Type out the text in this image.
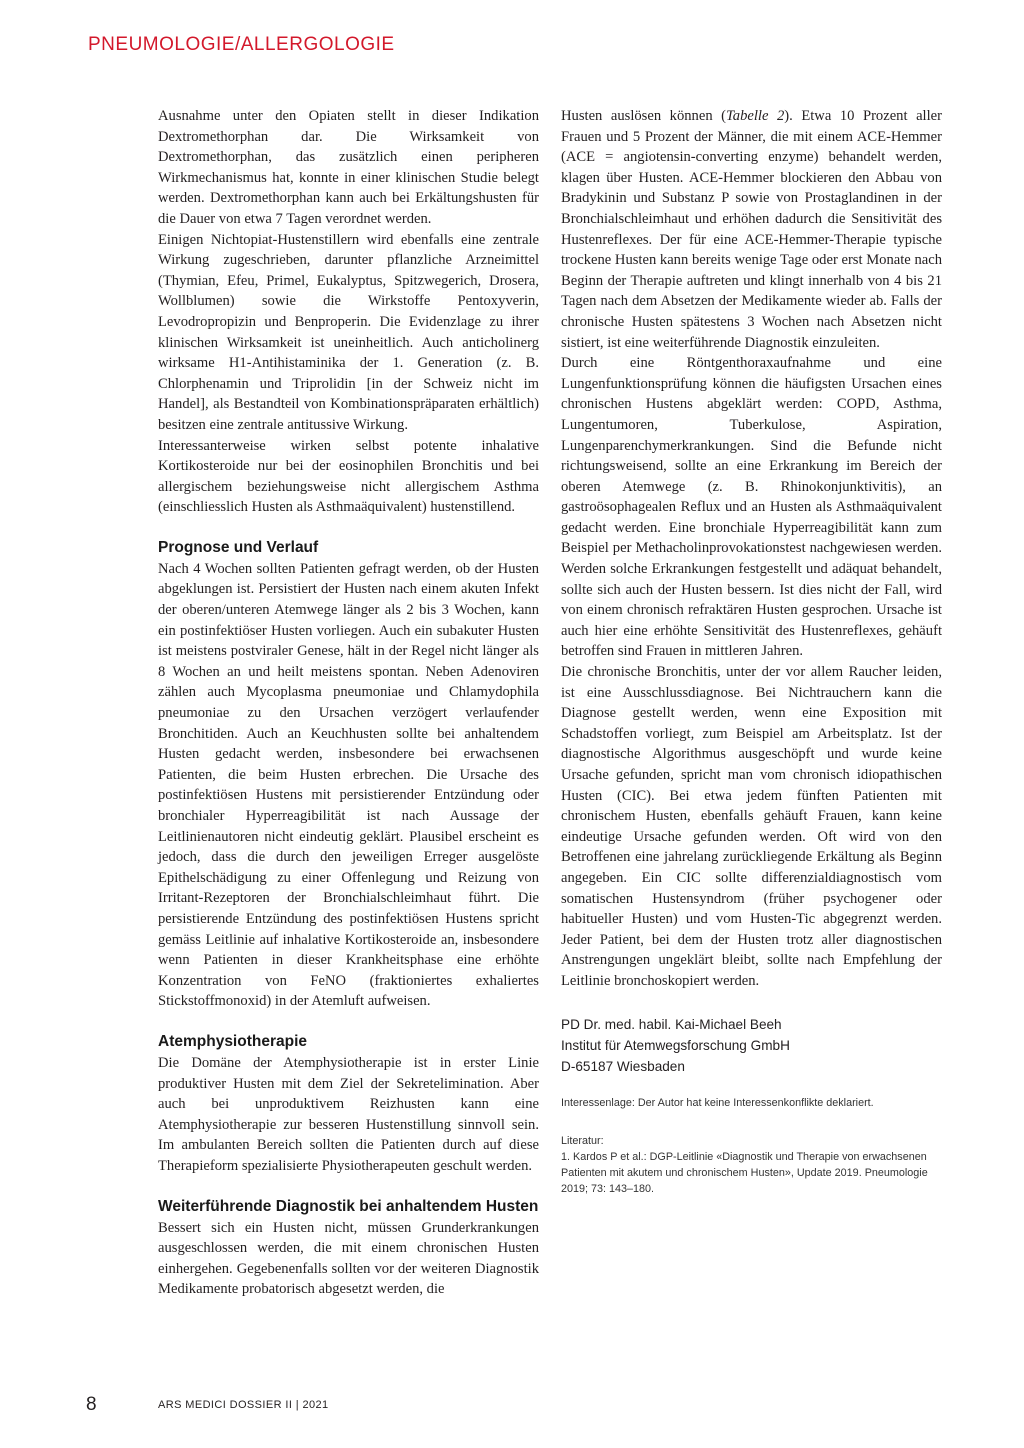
PNEUMOLOGIE/ALLERGOLOGIE

Ausnahme unter den Opiaten stellt in dieser Indikation Dextromethorphan dar. Die Wirksamkeit von Dextromethorphan, das zusätzlich einen peripheren Wirkmechanismus hat, konnte in einer klinischen Studie belegt werden. Dextromethorphan kann auch bei Erkältungshusten für die Dauer von etwa 7 Tagen verordnet werden.

Einigen Nichtopiat-Hustenstillern wird ebenfalls eine zentrale Wirkung zugeschrieben, darunter pflanzliche Arzneimittel (Thymian, Efeu, Primel, Eukalyptus, Spitzwegerich, Drosera, Wollblumen) sowie die Wirkstoffe Pentoxyverin, Levodropropizin und Benproperin. Die Evidenzlage zu ihrer klinischen Wirksamkeit ist uneinheitlich. Auch anticholinerg wirksame H1-Antihistaminika der 1. Generation (z. B. Chlorphenamin und Triprolidin [in der Schweiz nicht im Handel], als Bestandteil von Kombinationspräparaten erhältlich) besitzen eine zentrale antitussive Wirkung.

Interessanterweise wirken selbst potente inhalative Kortikosteroide nur bei der eosinophilen Bronchitis und bei allergischem beziehungsweise nicht allergischem Asthma (einschliesslich Husten als Asthmaäquivalent) hustenstillend.

Prognose und Verlauf

Nach 4 Wochen sollten Patienten gefragt werden, ob der Husten abgeklungen ist. Persistiert der Husten nach einem akuten Infekt der oberen/unteren Atemwege länger als 2 bis 3 Wochen, kann ein postinfektiöser Husten vorliegen. Auch ein subakuter Husten ist meistens postviraler Genese, hält in der Regel nicht länger als 8 Wochen an und heilt meistens spontan. Neben Adenoviren zählen auch Mycoplasma pneumoniae und Chlamydophila pneumoniae zu den Ursachen verzögert verlaufender Bronchitiden. Auch an Keuchhusten sollte bei anhaltendem Husten gedacht werden, insbesondere bei erwachsenen Patienten, die beim Husten erbrechen. Die Ursache des postinfektiösen Hustens mit persistierender Entzündung oder bronchialer Hyperreagibilität ist nach Aussage der Leitlinienautoren nicht eindeutig geklärt. Plausibel erscheint es jedoch, dass die durch den jeweiligen Erreger ausgelöste Epithelschädigung zu einer Offenlegung und Reizung von Irritant-Rezeptoren der Bronchialschleimhaut führt. Die persistierende Entzündung des postinfektiösen Hustens spricht gemäss Leitlinie auf inhalative Kortikosteroide an, insbesondere wenn Patienten in dieser Krankheitsphase eine erhöhte Konzentration von FeNO (fraktioniertes exhaliertes Stickstoffmonoxid) in der Atemluft aufweisen.

Atemphysiotherapie

Die Domäne der Atemphysiotherapie ist in erster Linie produktiver Husten mit dem Ziel der Sekretelimination. Aber auch bei unproduktivem Reizhusten kann eine Atemphysiotherapie zur besseren Hustenstillung sinnvoll sein. Im ambulanten Bereich sollten die Patienten durch auf diese Therapieform spezialisierte Physiotherapeuten geschult werden.

Weiterführende Diagnostik bei anhaltendem Husten

Bessert sich ein Husten nicht, müssen Grunderkrankungen ausgeschlossen werden, die mit einem chronischen Husten einhergehen. Gegebenenfalls sollten vor der weiteren Diagnostik Medikamente probatorisch abgesetzt werden, die

Husten auslösen können (Tabelle 2). Etwa 10 Prozent aller Frauen und 5 Prozent der Männer, die mit einem ACE-Hemmer (ACE = angiotensin-converting enzyme) behandelt werden, klagen über Husten. ACE-Hemmer blockieren den Abbau von Bradykinin und Substanz P sowie von Prostaglandinen in der Bronchialschleimhaut und erhöhen dadurch die Sensitivität des Hustenreflexes. Der für eine ACE-Hemmer-Therapie typische trockene Husten kann bereits wenige Tage oder erst Monate nach Beginn der Therapie auftreten und klingt innerhalb von 4 bis 21 Tagen nach dem Absetzen der Medikamente wieder ab. Falls der chronische Husten spätestens 3 Wochen nach Absetzen nicht sistiert, ist eine weiterführende Diagnostik einzuleiten.

Durch eine Röntgenthoraxaufnahme und eine Lungenfunktionsprüfung können die häufigsten Ursachen eines chronischen Hustens abgeklärt werden: COPD, Asthma, Lungentumoren, Tuberkulose, Aspiration, Lungenparenchymerkrankungen. Sind die Befunde nicht richtungsweisend, sollte an eine Erkrankung im Bereich der oberen Atemwege (z. B. Rhinokonjunktivitis), an gastroösophagealen Reflux und an Husten als Asthmaäquivalent gedacht werden. Eine bronchiale Hyperreagibilität kann zum Beispiel per Methacholinprovokationstest nachgewiesen werden. Werden solche Erkrankungen festgestellt und adäquat behandelt, sollte sich auch der Husten bessern. Ist dies nicht der Fall, wird von einem chronisch refraktären Husten gesprochen. Ursache ist auch hier eine erhöhte Sensitivität des Hustenreflexes, gehäuft betroffen sind Frauen in mittleren Jahren.

Die chronische Bronchitis, unter der vor allem Raucher leiden, ist eine Ausschlussdiagnose. Bei Nichtrauchern kann die Diagnose gestellt werden, wenn eine Exposition mit Schadstoffen vorliegt, zum Beispiel am Arbeitsplatz. Ist der diagnostische Algorithmus ausgeschöpft und wurde keine Ursache gefunden, spricht man vom chronisch idiopathischen Husten (CIC). Bei etwa jedem fünften Patienten mit chronischem Husten, ebenfalls gehäuft Frauen, kann keine eindeutige Ursache gefunden werden. Oft wird von den Betroffenen eine jahrelang zurückliegende Erkältung als Beginn angegeben. Ein CIC sollte differenzialdiagnostisch vom somatischen Hustensyndrom (früher psychogener oder habitueller Husten) und vom Husten-Tic abgegrenzt werden. Jeder Patient, bei dem der Husten trotz aller diagnostischen Anstrengungen ungeklärt bleibt, sollte nach Empfehlung der Leitlinie bronchoskopiert werden.

PD Dr. med. habil. Kai-Michael Beeh
Institut für Atemwegsforschung GmbH
D-65187 Wiesbaden
Interessenlage: Der Autor hat keine Interessenkonflikte deklariert.
Literatur:
1. Kardos P et al.: DGP-Leitlinie «Diagnostik und Therapie von erwachsenen Patienten mit akutem und chronischem Husten», Update 2019. Pneumologie 2019; 73: 143–180.
8	ARS MEDICI DOSSIER II | 2021
